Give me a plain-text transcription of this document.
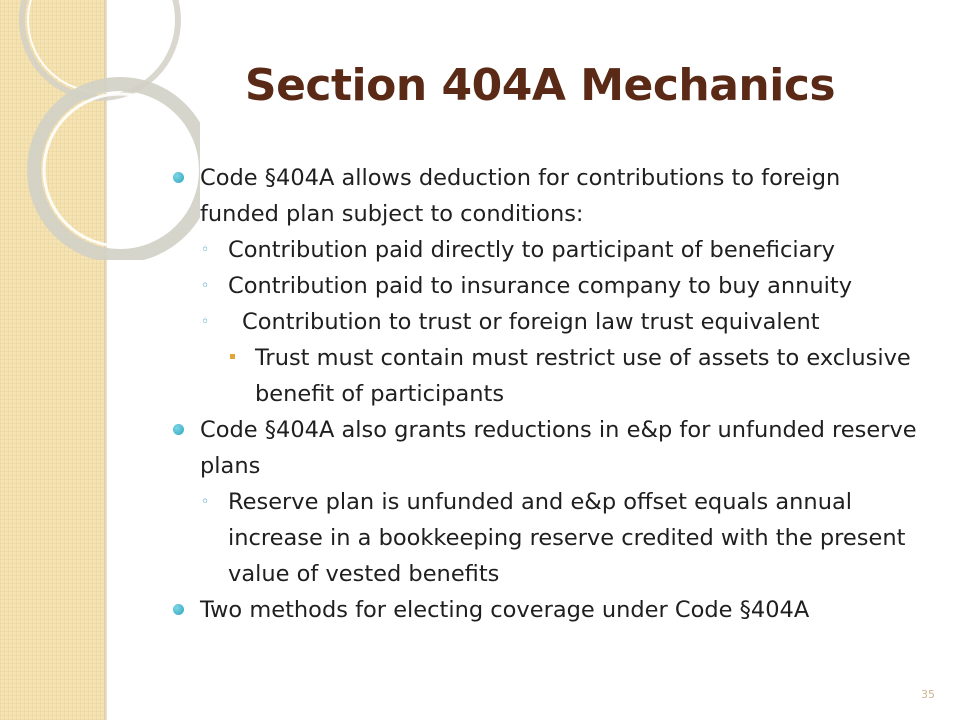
Section 404A Mechanics
Code §404A allows deduction for contributions to foreign funded plan subject to conditions:
◦ Contribution paid directly to participant of beneficiary
◦ Contribution paid to insurance company to buy annuity
◦ Contribution to trust or foreign law trust equivalent
Trust must contain must restrict use of assets to exclusive benefit of participants
Code §404A also grants reductions in e&p for unfunded reserve plans
◦ Reserve plan is unfunded and e&p offset equals annual increase in a bookkeeping reserve credited with the present value of vested benefits
Two methods for electing coverage under Code §404A
35
